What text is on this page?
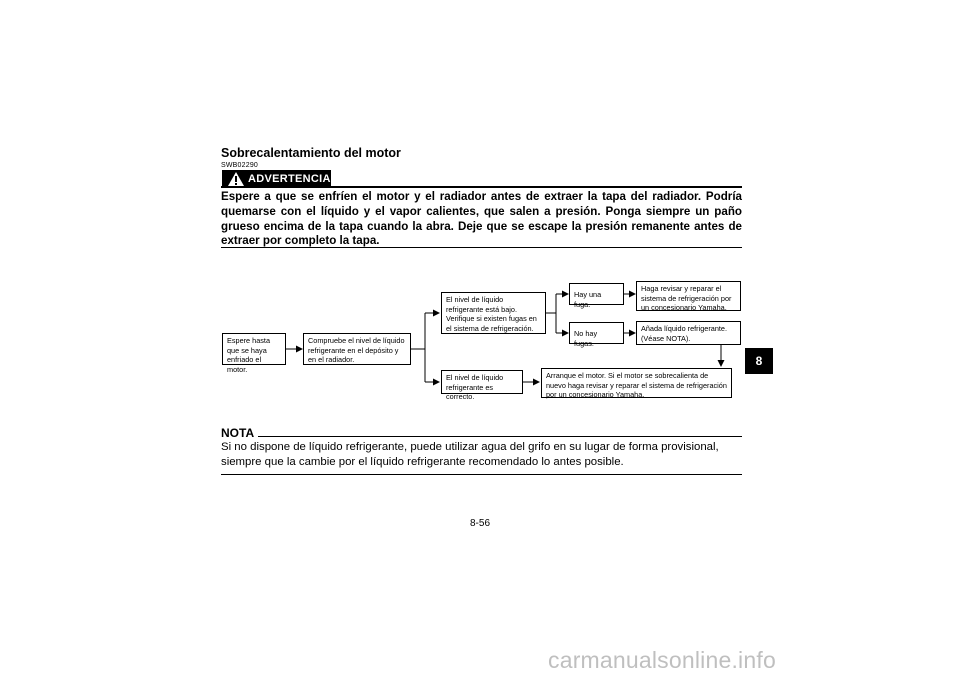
Sobrecalentamiento del motor
SWB02290
ADVERTENCIA
Espere a que se enfríen el motor y el radiador antes de extraer la tapa del radiador. Podría quemarse con el líquido y el vapor calientes, que salen a presión. Ponga siempre un paño grueso encima de la tapa cuando la abra. Deje que se escape la presión remanente antes de extraer por completo la tapa.
Espere hasta que se haya enfriado el motor.
Compruebe el nivel de líquido refrigerante en el depósito y en el radiador.
El nivel de líquido refrigerante está bajo. Verifique si existen fugas en el sistema de refrigeración.
El nivel de líquido refrigerante es correcto.
Hay una fuga.
No hay fugas.
Haga revisar y reparar el sistema de refrigeración por un concesionario Yamaha.
Añada líquido refrigerante. (Véase NOTA).
Arranque el motor. Si el motor se sobrecalienta de nuevo haga revisar y reparar el sistema de refrigeración por un concesionario Yamaha.
NOTA
Si no dispone de líquido refrigerante, puede utilizar agua del grifo en su lugar de forma provisional, siempre que la cambie por el líquido refrigerante recomendado lo antes posible.
8-56
8
carmanualsonline.info
